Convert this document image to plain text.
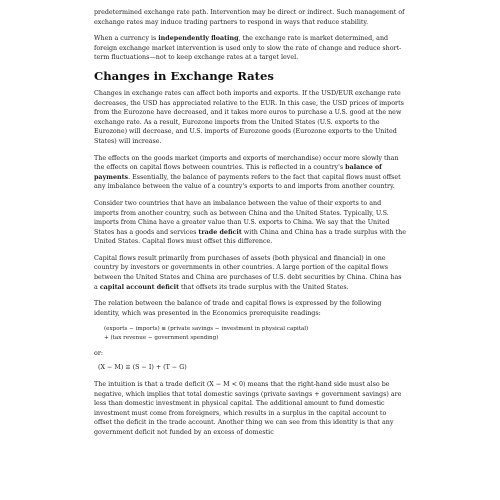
predetermined exchange rate path. Intervention may be direct or indirect. Such management of exchange rates may induce trading partners to respond in ways that reduce stability.

When a currency is independently floating, the exchange rate is market determined, and foreign exchange market intervention is used only to slow the rate of change and reduce short-term fluctuations—not to keep exchange rates at a target level.

Changes in Exchange Rates

Changes in exchange rates can affect both imports and exports. If the USD/EUR exchange rate decreases, the USD has appreciated relative to the EUR. In this case, the USD prices of imports from the Eurozone have decreased, and it takes more euros to purchase a U.S. good at the new exchange rate. As a result, Eurozone imports from the United States (U.S. exports to the Eurozone) will decrease, and U.S. imports of Eurozone goods (Eurozone exports to the United States) will increase.

The effects on the goods market (imports and exports of merchandise) occur more slowly than the effects on capital flows between countries. This is reflected in a country's balance of payments. Essentially, the balance of payments refers to the fact that capital flows must offset any imbalance between the value of a country's exports to and imports from another country.

Consider two countries that have an imbalance between the value of their exports to and imports from another country, such as between China and the United States. Typically, U.S. imports from China have a greater value than U.S. exports to China. We say that the United States has a goods and services trade deficit with China and China has a trade surplus with the United States. Capital flows must offset this difference.

Capital flows result primarily from purchases of assets (both physical and financial) in one country by investors or governments in other countries. A large portion of the capital flows between the United States and China are purchases of U.S. debt securities by China. China has a capital account deficit that offsets its trade surplus with the United States.

The relation between the balance of trade and capital flows is expressed by the following identity, which was presented in the Economics prerequisite readings:

(exports − imports) ≡ (private savings − investment in physical capital)
+ (tax revenue − government spending)

or:

(X − M) ≡ (S − I) + (T − G)

The intuition is that a trade deficit (X − M < 0) means that the right-hand side must also be negative, which implies that total domestic savings (private savings + government savings) are less than domestic investment in physical capital. The additional amount to fund domestic investment must come from foreigners, which results in a surplus in the capital account to offset the deficit in the trade account. Another thing we can see from this identity is that any government deficit not funded by an excess of domestic
